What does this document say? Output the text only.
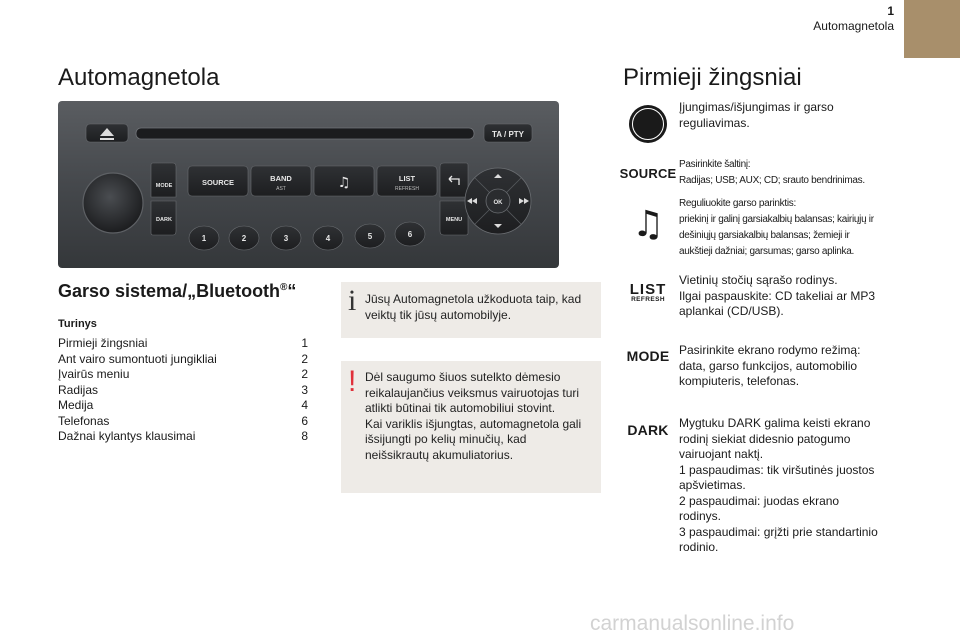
1
Automagnetola
Automagnetola
TA / PTY
MODE
DARK
SOURCE	BAND
AST	♫	LIST
REFRESH
MENU
1	2	3	4	5	6
OK
Garso sistema/„Bluetooth®“
Turinys
Pirmieji žingsniai	1
Ant vairo sumontuoti jungikliai	2
Įvairūs meniu	2
Radijas	3
Medija	4
Telefonas	6
Dažnai kylantys klausimai	8
i Jūsų Automagnetola užkoduota taip, kad veiktų tik jūsų automobilyje.
! Dėl saugumo šiuos sutelkto dėmesio reikalaujančius veiksmus vairuotojas turi atlikti būtinai tik automobiliui stovint.
Kai variklis išjungtas, automagnetola gali išsijungti po kelių minučių, kad neišsikrautų akumuliatorius.
Pirmieji žingsniai
Įjungimas/išjungimas ir garso reguliavimas.
SOURCE
Pasirinkite šaltinį:
Radijas; USB; AUX; CD; srauto bendrinimas.
♫
Reguliuokite garso parinktis:
priekinį ir galinį garsiakalbių balansas; kairiųjų ir dešiniųjų garsiakalbių balansas; žemieji ir aukštieji dažniai; garsumas; garso aplinka.
LIST
REFRESH
Vietinių stočių sąrašo rodinys.
Ilgai paspauskite: CD takeliai ar MP3 aplankai (CD/USB).
MODE Pasirinkite ekrano rodymo režimą: data, garso funkcijos, automobilio kompiuteris, telefonas.
DARK Mygtuku DARK galima keisti ekrano rodinį siekiat didesnio patogumo vairuojant naktį.
1 paspaudimas: tik viršutinės juostos apšvietimas.
2 paspaudimai: juodas ekrano rodinys.
3 paspaudimai: grįžti prie standartinio rodinio.
carmanualsonline.info
